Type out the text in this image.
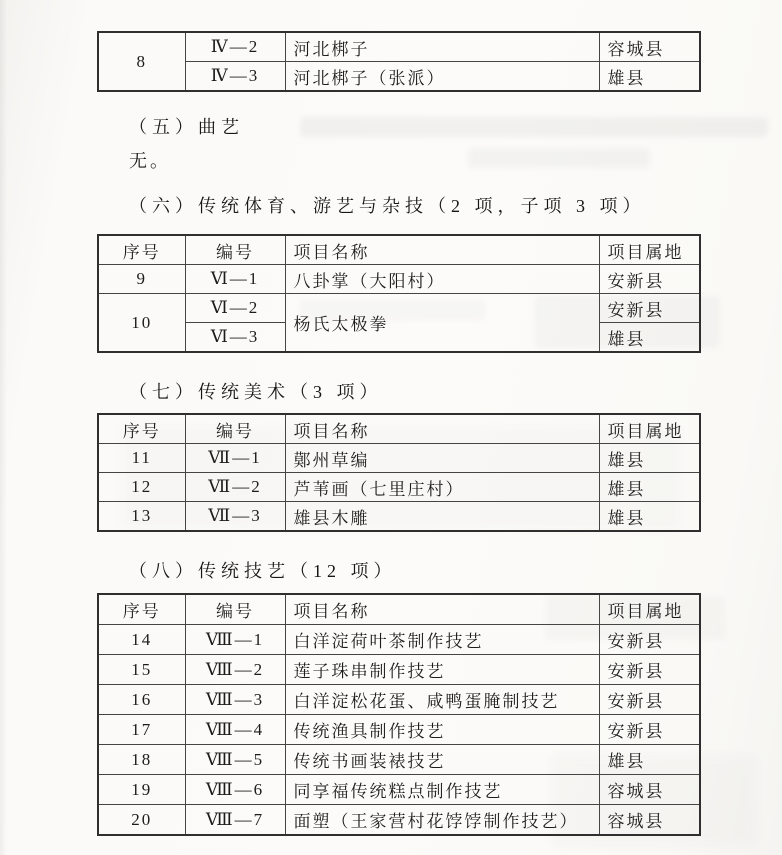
8	Ⅳ—2	河北梆子	容城县
	Ⅳ—3	河北梆子（张派）	雄县
（五）曲艺
无。
（六）传统体育、游艺与杂技（2 项，子项 3 项）
序号	编号	项目名称	项目属地
9	Ⅵ—1	八卦掌（大阳村）	安新县
10	Ⅵ—2	杨氏太极拳	安新县
	Ⅵ—3		雄县
（七）传统美术（3 项）
序号	编号	项目名称	项目属地
11	Ⅶ—1	鄚州草编	雄县
12	Ⅶ—2	芦苇画（七里庄村）	雄县
13	Ⅶ—3	雄县木雕	雄县
（八）传统技艺（12 项）
序号	编号	项目名称	项目属地
14	Ⅷ—1	白洋淀荷叶茶制作技艺	安新县
15	Ⅷ—2	莲子珠串制作技艺	安新县
16	Ⅷ—3	白洋淀松花蛋、咸鸭蛋腌制技艺	安新县
17	Ⅷ—4	传统渔具制作技艺	安新县
18	Ⅷ—5	传统书画装裱技艺	雄县
19	Ⅷ—6	同享福传统糕点制作技艺	容城县
20	Ⅷ—7	面塑（王家营村花饽饽制作技艺）	容城县
